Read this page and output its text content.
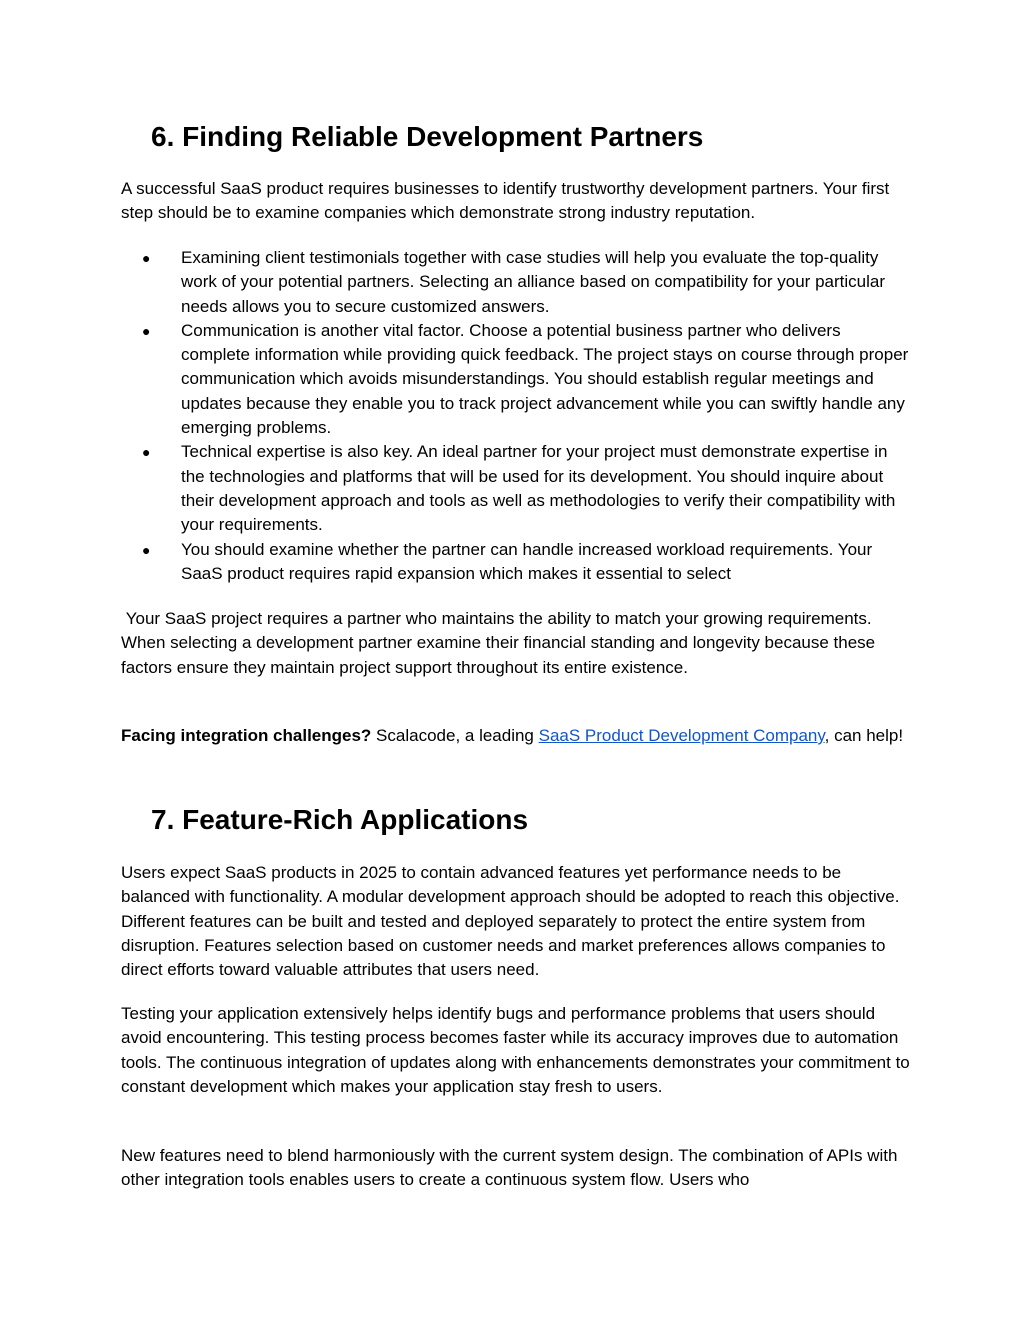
6. Finding Reliable Development Partners

A successful SaaS product requires businesses to identify trustworthy development partners. Your first step should be to examine companies which demonstrate strong industry reputation.

● Examining client testimonials together with case studies will help you evaluate the top-quality work of your potential partners. Selecting an alliance based on compatibility for your particular needs allows you to secure customized answers.
● Communication is another vital factor. Choose a potential business partner who delivers complete information while providing quick feedback. The project stays on course through proper communication which avoids misunderstandings. You should establish regular meetings and updates because they enable you to track project advancement while you can swiftly handle any emerging problems.
● Technical expertise is also key. An ideal partner for your project must demonstrate expertise in the technologies and platforms that will be used for its development. You should inquire about their development approach and tools as well as methodologies to verify their compatibility with your requirements.
● You should examine whether the partner can handle increased workload requirements. Your SaaS product requires rapid expansion which makes it essential to select

Your SaaS project requires a partner who maintains the ability to match your growing requirements. When selecting a development partner examine their financial standing and longevity because these factors ensure they maintain project support throughout its entire existence.

Facing integration challenges? Scalacode, a leading SaaS Product Development Company, can help!

7. Feature-Rich Applications

Users expect SaaS products in 2025 to contain advanced features yet performance needs to be balanced with functionality. A modular development approach should be adopted to reach this objective. Different features can be built and tested and deployed separately to protect the entire system from disruption. Features selection based on customer needs and market preferences allows companies to direct efforts toward valuable attributes that users need.

Testing your application extensively helps identify bugs and performance problems that users should avoid encountering. This testing process becomes faster while its accuracy improves due to automation tools. The continuous integration of updates along with enhancements demonstrates your commitment to constant development which makes your application stay fresh to users.

New features need to blend harmoniously with the current system design. The combination of APIs with other integration tools enables users to create a continuous system flow. Users who
